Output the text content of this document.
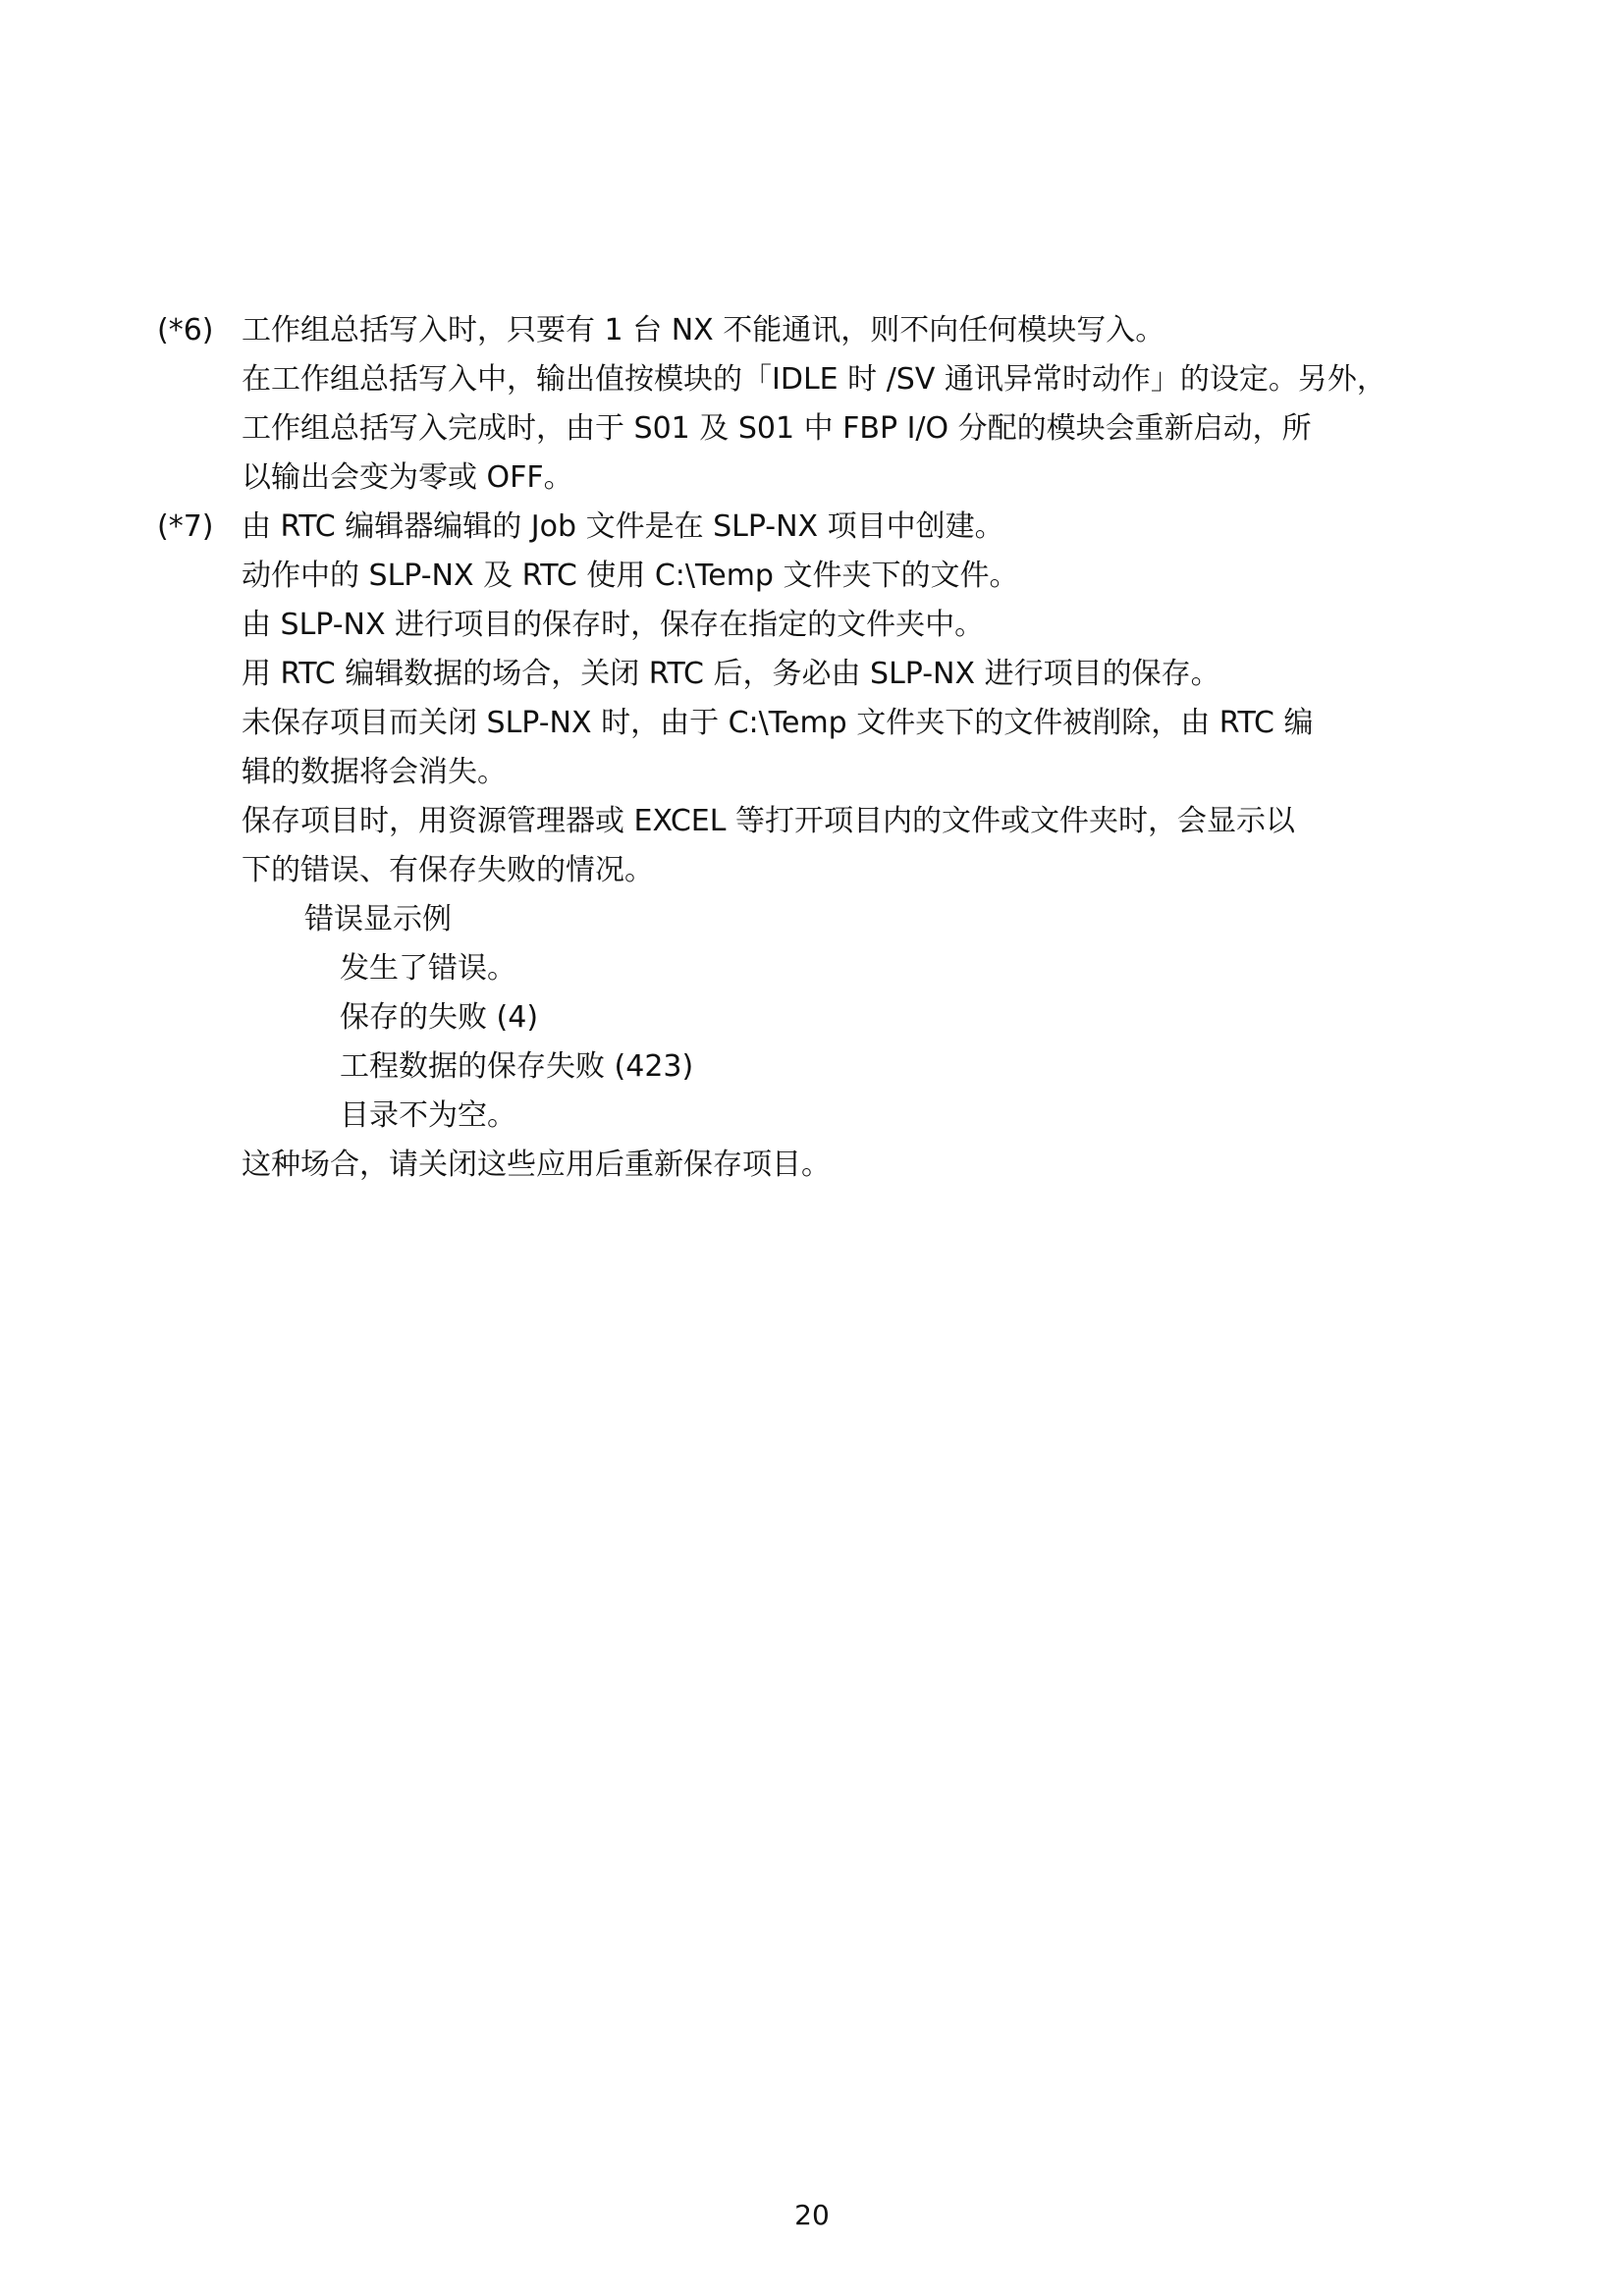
(*6) 工作组总括写入时，只要有 1 台 NX 不能通讯，则不向任何模块写入。
在工作组总括写入中，输出值按模块的「IDLE 时 /SV 通讯异常时动作」的设定。另外，
工作组总括写入完成时，由于 S01 及 S01 中 FBP I/O 分配的模块会重新启动，所
以输出会变为零或 OFF。
(*7) 由 RTC 编辑器编辑的 Job 文件是在 SLP-NX 项目中创建。
动作中的 SLP-NX 及 RTC 使用 C:\Temp 文件夹下的文件。
由 SLP-NX 进行项目的保存时，保存在指定的文件夹中。
用 RTC 编辑数据的场合，关闭 RTC 后，务必由 SLP-NX 进行项目的保存。
未保存项目而关闭 SLP-NX 时，由于 C:\Temp 文件夹下的文件被削除，由 RTC 编
辑的数据将会消失。
保存项目时，用资源管理器或 EXCEL 等打开项目内的文件或文件夹时，会显示以
下的错误、有保存失败的情况。
错误显示例
发生了错误。
保存的失败 (4)
工程数据的保存失败 (423)
目录不为空。
这种场合，请关闭这些应用后重新保存项目。
20
